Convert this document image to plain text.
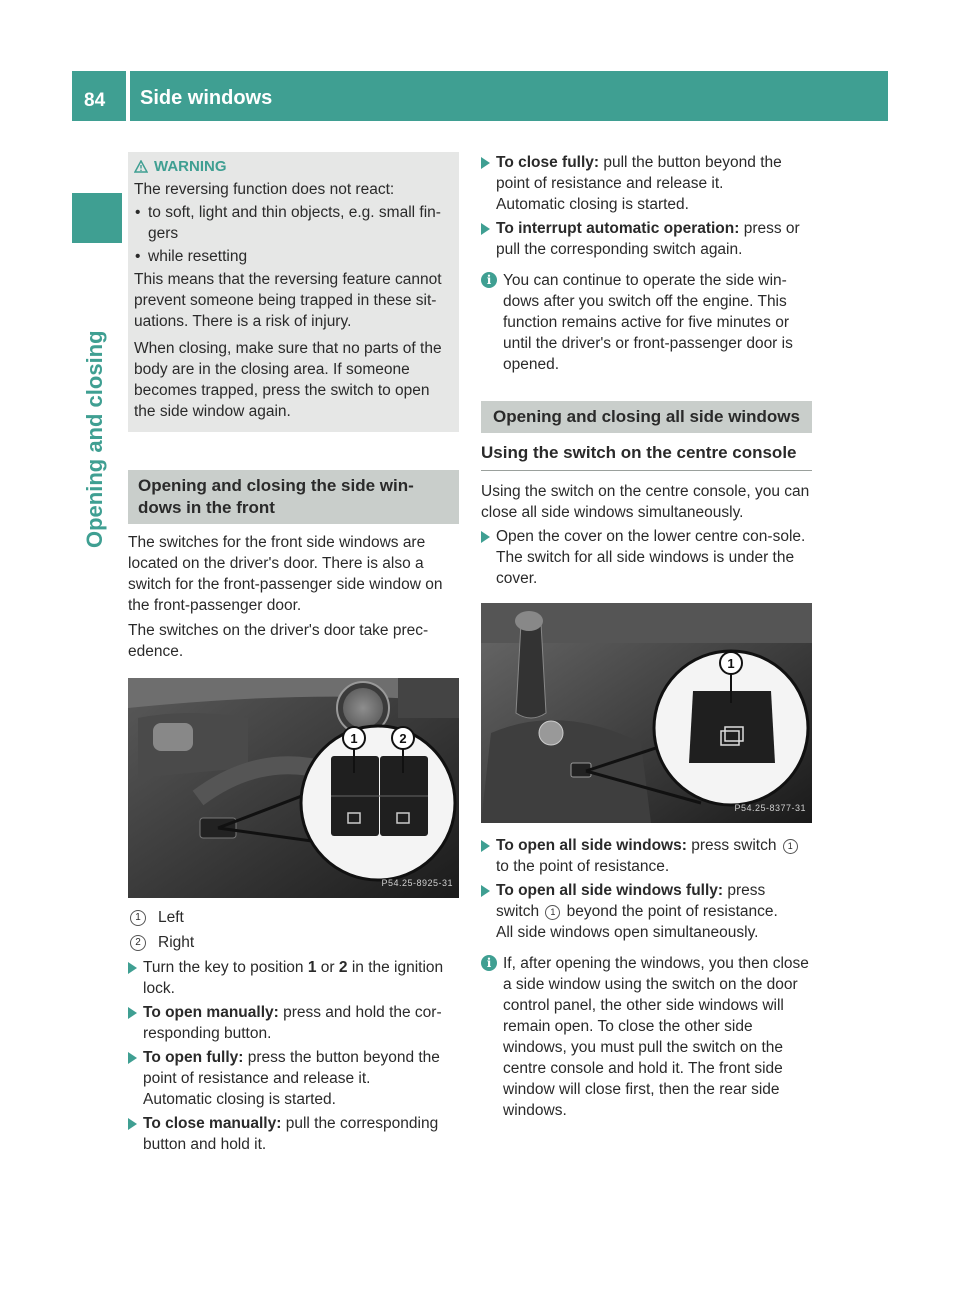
84 Side windows
Opening and closing
WARNING

The reversing function does not react:

• to soft, light and thin objects, e.g. small fin-gers

• while resetting

This means that the reversing feature cannot prevent someone being trapped in these sit-uations. There is a risk of injury.

When closing, make sure that no parts of the body are in the closing area. If someone becomes trapped, press the switch to open the side window again.

Opening and closing the side win-dows in the front

The switches for the front side windows are located on the driver's door. There is also a switch for the front-passenger side window on the front-passenger door.

The switches on the driver's door take prec-edence.

1	2
P54.25-8925-31
1	Left
2	Right

Turn the key to position 1 or 2 in the ignition lock.

To open manually: press and hold the cor-responding button.

To open fully: press the button beyond the point of resistance and release it.
Automatic closing is started.

To close manually: pull the corresponding button and hold it.

To close fully: pull the button beyond the point of resistance and release it.
Automatic closing is started.

To interrupt automatic operation: press or pull the corresponding switch again.

i You can continue to operate the side win-dows after you switch off the engine. This function remains active for five minutes or until the driver's or front-passenger door is opened.

Opening and closing all side windows
Using the switch on the centre console

Using the switch on the centre console, you can close all side windows simultaneously.

Open the cover on the lower centre con-sole.
The switch for all side windows is under the cover.

1
P54.25-8377-31

To open all side windows: press switch 1 to the point of resistance.

To open all side windows fully: press switch 1 beyond the point of resistance.
All side windows open simultaneously.

i If, after opening the windows, you then close a side window using the switch on the door control panel, the other side windows will remain open. To close the other side windows, you must pull the switch on the centre console and hold it. The front side window will close first, then the rear side windows.
